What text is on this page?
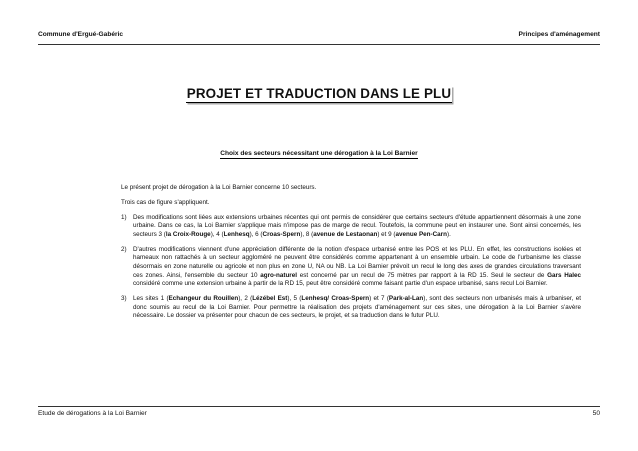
Commune d'Ergué-Gabéric	Principes d'aménagement
PROJET ET TRADUCTION DANS LE PLU
Choix des secteurs nécessitant une dérogation à la Loi Barnier

Le présent projet de dérogation à la Loi Barnier concerne 10 secteurs.

Trois cas de figure s'appliquent.

1)	Des modifications sont liées aux extensions urbaines récentes qui ont permis de considérer que certains secteurs d'étude appartiennent désormais à une zone urbaine. Dans ce cas, la Loi Barnier s'applique mais n'impose pas de marge de recul. Toutefois, la commune peut en instaurer une. Sont ainsi concernés, les secteurs 3 (la Croix-Rouge), 4 (Lenhesq), 6 (Croas-Spern), 8 (avenue de Lestaonan) et 9 (avenue Pen-Carn).
2)	D'autres modifications viennent d'une appréciation différente de la notion d'espace urbanisé entre les POS et les PLU. En effet, les constructions isolées et hameaux non rattachés à un secteur aggloméré ne peuvent être considérés comme appartenant à un ensemble urbain. Le code de l'urbanisme les classe désormais en zone naturelle ou agricole et non plus en zone U, NA ou NB. La Loi Barnier prévoit un recul le long des axes de grandes circulations traversant ces zones. Ainsi, l'ensemble du secteur 10 agro-naturel est concerné par un recul de 75 mètres par rapport à la RD 15. Seul le secteur de Gars Halec considéré comme une extension urbaine à partir de la RD 15, peut être considéré comme faisant partie d'un espace urbanisé, sans recul Loi Barnier.
3)	Les sites 1 (Echangeur du Rouillen), 2 (Lézébel Est), 5 (Lenhesq/ Croas-Spern) et 7 (Park-al-Lan), sont des secteurs non urbanisés mais à urbaniser, et donc soumis au recul de la Loi Barnier. Pour permettre la réalisation des projets d'aménagement sur ces sites, une dérogation à la Loi Barnier s'avère nécessaire. Le dossier va présenter pour chacun de ces secteurs, le projet, et sa traduction dans le futur PLU.
Etude de dérogations à la Loi Barnier	50
